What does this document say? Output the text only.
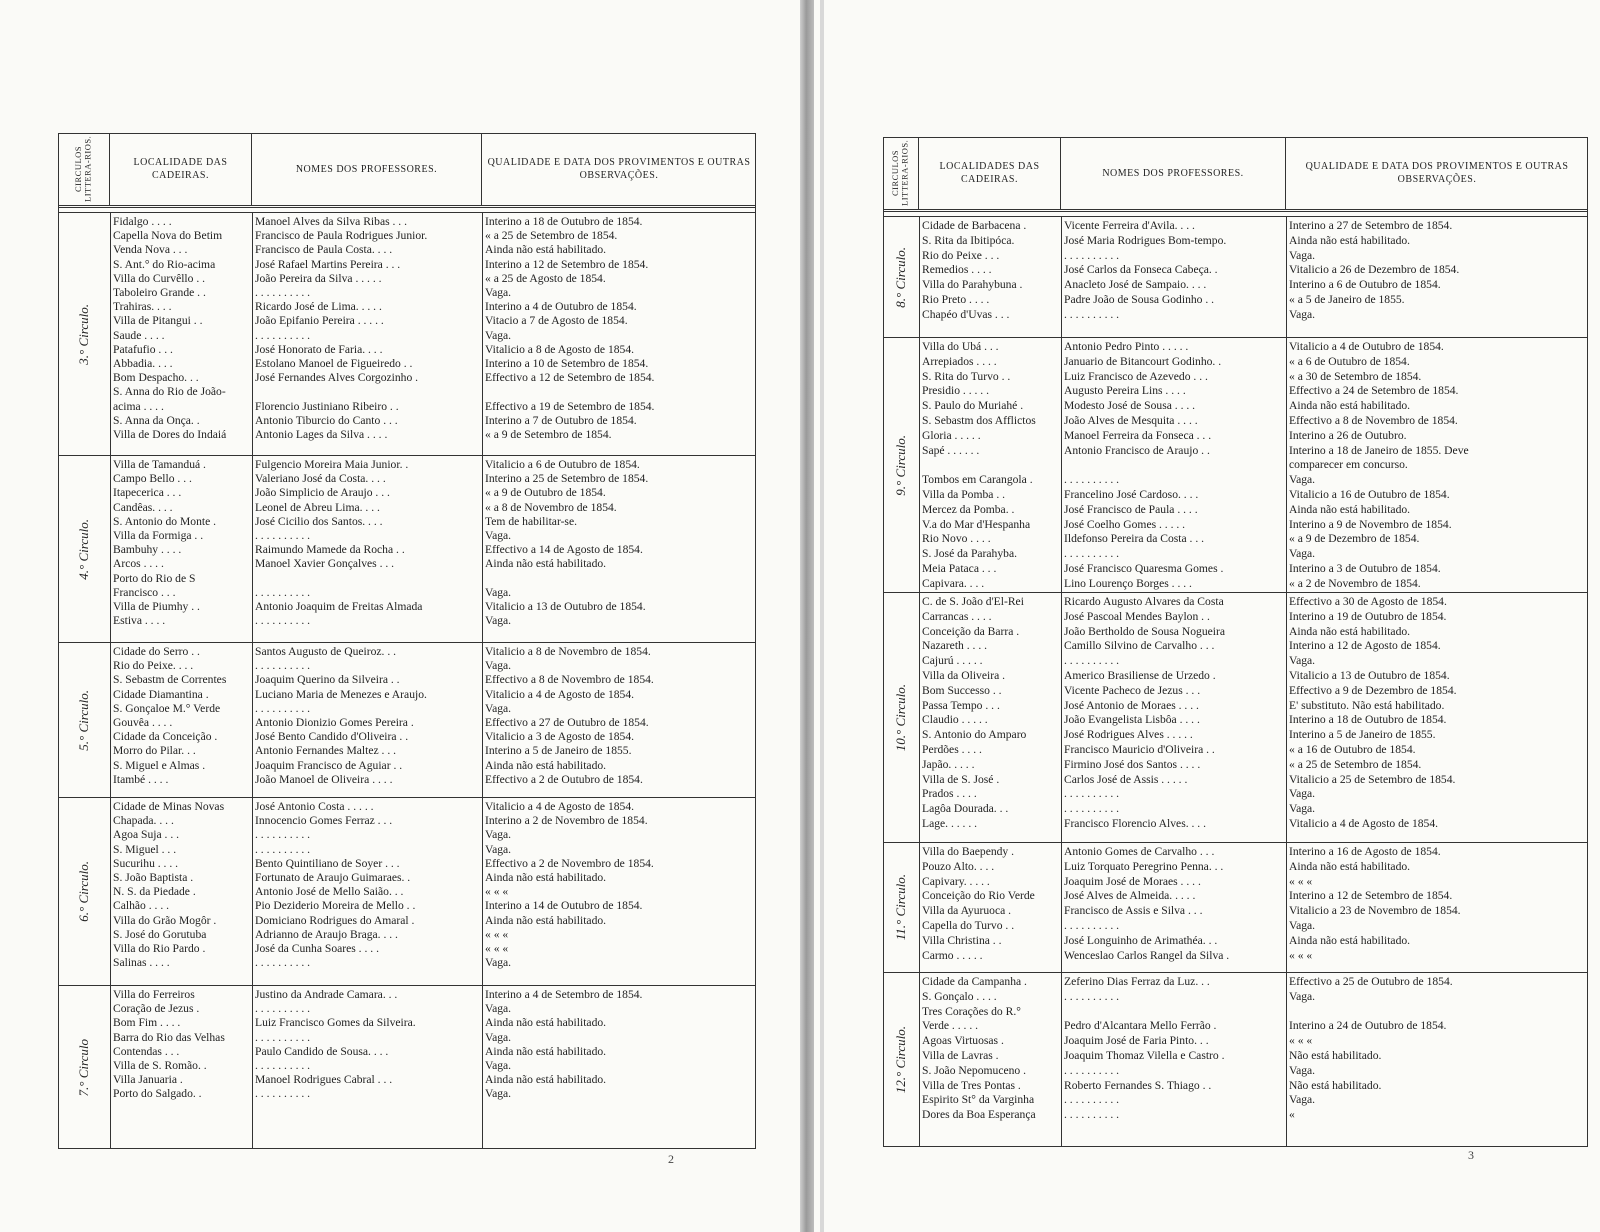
CIRCULOS LITTERA-RIOS.	LOCALIDADE DAS CADEIRAS.
NOMES DOS PROFESSORES.
QUALIDADE E DATA DOS PROVIMENTOS E OUTRAS OBSERVAÇÕES.
3.° Circulo.
Fidalgo . . . .	Manoel Alves da Silva Ribas . . .	Interino a 18 de Outubro de 1854.
Capella Nova do Betim	Francisco de Paula Rodrigues Junior.	« a 25 de Setembro de 1854.
Venda Nova . . .	Francisco de Paula Costa. . . .	Ainda não está habilitado.
S. Ant.° do Rio-acima	José Rafael Martins Pereira . . .	Interino a 12 de Setembro de 1854.
Villa do Curvêllo . .	João Pereira da Silva . . . . .	« a 25 de Agosto de 1854.
Taboleiro Grande . .	. . . . . . . . . .	Vaga.
Trahiras. . . .	Ricardo José de Lima. . . . .	Interino a 4 de Outubro de 1854.
Villa de Pitangui . .	João Epifanio Pereira . . . . .	Vitacio a 7 de Agosto de 1854.
Saude . . . .	. . . . . . . . . .	Vaga.
Patafufio . . .	José Honorato de Faria. . . .	Vitalicio a 8 de Agosto de 1854.
Abbadia. . . .	Estolano Manoel de Figueiredo . .	Interino a 10 de Setembro de 1854.
Bom Despacho. . .	José Fernandes Alves Corgozinho .	Effectivo a 12 de Setembro de 1854.
S. Anna do Rio de João-
acima . . . .	Florencio Justiniano Ribeiro . .	Effectivo a 19 de Setembro de 1854.
S. Anna da Onça. .	Antonio Tiburcio do Canto . . .	Interino a 7 de Outubro de 1854.
Villa de Dores do Indaiá	Antonio Lages da Silva . . . .	« a 9 de Setembro de 1854.
4.° Circulo.
Villa de Tamanduá .	Fulgencio Moreira Maia Junior. .	Vitalicio a 6 de Outubro de 1854.
Campo Bello . . .	Valeriano José da Costa. . . .	Interino a 25 de Setembro de 1854.
Itapecerica . . .	João Simplicio de Araujo . . .	« a 9 de Outubro de 1854.
Candêas. . . .	Leonel de Abreu Lima. . . .	« a 8 de Novembro de 1854.
S. Antonio do Monte .	José Cicilio dos Santos. . . .	Tem de habilitar-se.
Villa da Formiga . .	. . . . . . . . . .	Vaga.
Bambuhy . . . .	Raimundo Mamede da Rocha . .	Effectivo a 14 de Agosto de 1854.
Arcos . . . .	Manoel Xavier Gonçalves . . .	Ainda não está habilitado.
Porto do Rio de S
Francisco . . .	. . . . . . . . . .	Vaga.
Villa de Piumhy . .	Antonio Joaquim de Freitas Almada	Vitalicio a 13 de Outubro de 1854.
Estiva . . . .	. . . . . . . . . .	Vaga.
5.° Circulo.
Cidade do Serro . .	Santos Augusto de Queiroz. . .	Vitalicio a 8 de Novembro de 1854.
Rio do Peixe. . . .	. . . . . . . . . .	Vaga.
S. Sebastm de Correntes	Joaquim Querino da Silveira . .	Effectivo a 8 de Novembro de 1854.
Cidade Diamantina .	Luciano Maria de Menezes e Araujo.	Vitalicio a 4 de Agosto de 1854.
S. Gonçaloe M.° Verde	. . . . . . . . . .	Vaga.
Gouvêa . . . .	Antonio Dionizio Gomes Pereira .	Effectivo a 27 de Outubro de 1854.
Cidade da Conceição .	José Bento Candido d'Oliveira . .	Vitalicio a 3 de Agosto de 1854.
Morro do Pilar. . .	Antonio Fernandes Maltez . . .	Interino a 5 de Janeiro de 1855.
S. Miguel e Almas .	Joaquim Francisco de Aguiar . .	Ainda não está habilitado.
Itambé . . . .	João Manoel de Oliveira . . . .	Effectivo a 2 de Outubro de 1854.
6.° Circulo.
Cidade de Minas Novas	José Antonio Costa . . . . .	Vitalicio a 4 de Agosto de 1854.
Chapada. . . .	Innocencio Gomes Ferraz . . .	Interino a 2 de Novembro de 1854.
Agoa Suja . . .	. . . . . . . . . .	Vaga.
S. Miguel . . .	. . . . . . . . . .	Vaga.
Sucurihu . . . .	Bento Quintiliano de Soyer . . .	Effectivo a 2 de Novembro de 1854.
S. João Baptista .	Fortunato de Araujo Guimaraes. .	Ainda não está habilitado.
N. S. da Piedade .	Antonio José de Mello Saião. . .	« « «
Calhão . . . .	Pio Deziderio Moreira de Mello . .	Interino a 14 de Outubro de 1854.
Villa do Grão Mogôr .	Domiciano Rodrigues do Amaral .	Ainda não está habilitado.
S. José do Gorutuba	Adrianno de Araujo Braga. . . .	« « «
Villa do Rio Pardo .	José da Cunha Soares . . . .	« « «
Salinas . . . .	. . . . . . . . . .	Vaga.
7.° Circulo
Villa do Ferreiros	Justino da Andrade Camara. . .	Interino a 4 de Setembro de 1854.
Coração de Jezus .	. . . . . . . . . .	Vaga.
Bom Fim . . . .	Luiz Francisco Gomes da Silveira.	Ainda não está habilitado.
Barra do Rio das Velhas	. . . . . . . . . .	Vaga.
Contendas . . .	Paulo Candido de Sousa. . . .	Ainda não está habilitado.
Villa de S. Romão. .	. . . . . . . . . .	Vaga.
Villa Januaria .	Manoel Rodrigues Cabral . . .	Ainda não está habilitado.
Porto do Salgado. .	. . . . . . . . . .	Vaga.
2
CIRCULOS LITTERA-RIOS.	LOCALIDADES DAS CADEIRAS.
NOMES DOS PROFESSORES.
QUALIDADE E DATA DOS PROVIMENTOS E OUTRAS OBSERVAÇÕES.
8.° Circulo.
Cidade de Barbacena .	Vicente Ferreira d'Avila. . . .	Interino a 27 de Setembro de 1854.
S. Rita da Ibitipóca.	José Maria Rodrigues Bom-tempo.	Ainda não está habilitado.
Rio do Peixe . . .	. . . . . . . . . .	Vaga.
Remedios . . . .	José Carlos da Fonseca Cabeça. .	Vitalicio a 26 de Dezembro de 1854.
Villa do Parahybuna .	Anacleto José de Sampaio. . . .	Interino a 6 de Outubro de 1854.
Rio Preto . . . .	Padre João de Sousa Godinho . .	« a 5 de Janeiro de 1855.
Chapéo d'Uvas . . .	. . . . . . . . . .	Vaga.
9.° Circulo.
Villa do Ubá . . .	Antonio Pedro Pinto . . . . .	Vitalicio a 4 de Outubro de 1854.
Arrepiados . . . .	Januario de Bitancourt Godinho. .	« a 6 de Outubro de 1854.
S. Rita do Turvo . .	Luiz Francisco de Azevedo . . .	« a 30 de Setembro de 1854.
Presidio . . . . .	Augusto Pereira Lins . . . .	Effectivo a 24 de Setembro de 1854.
S. Paulo do Muriahé .	Modesto José de Sousa . . . .	Ainda não está habilitado.
S. Sebastm dos Afflictos	João Alves de Mesquita . . . .	Effectivo a 8 de Novembro de 1854.
Gloria . . . . .	Manoel Ferreira da Fonseca . . .	Interino a 26 de Outubro.
Sapé . . . . . .	Antonio Francisco de Araujo . .	Interino a 18 de Janeiro de 1855. Deve
comparecer em concurso.
Tombos em Carangola .	. . . . . . . . . .	Vaga.
Villa da Pomba . .	Francelino José Cardoso. . . .	Vitalicio a 16 de Outubro de 1854.
Mercez da Pomba. .	José Francisco de Paula . . . .	Ainda não está habilitado.
V.a do Mar d'Hespanha	José Coelho Gomes . . . . .	Interino a 9 de Novembro de 1854.
Rio Novo . . . .	Ildefonso Pereira da Costa . . .	« a 9 de Dezembro de 1854.
S. José da Parahyba.	. . . . . . . . . .	Vaga.
Meia Pataca . . .	José Francisco Quaresma Gomes .	Interino a 3 de Outubro de 1854.
Capivara. . . .	Lino Lourenço Borges . . . .	« a 2 de Novembro de 1854.
10.° Circulo.
C. de S. João d'El-Rei	Ricardo Augusto Alvares da Costa	Effectivo a 30 de Agosto de 1854.
Carrancas . . . .	José Pascoal Mendes Baylon . .	Interino a 19 de Outubro de 1854.
Conceição da Barra .	João Bertholdo de Sousa Nogueira	Ainda não está habilitado.
Nazareth . . . .	Camillo Silvino de Carvalho . . .	Interino a 12 de Agosto de 1854.
Cajurú . . . . .	. . . . . . . . . .	Vaga.
Villa da Oliveira .	Americo Brasiliense de Urzedo .	Vitalicio a 13 de Outubro de 1854.
Bom Successo . .	Vicente Pacheco de Jezus . . .	Effectivo a 9 de Dezembro de 1854.
Passa Tempo . . .	José Antonio de Moraes . . . .	E' substituto. Não está habilitado.
Claudio . . . . .	João Evangelista Lisbôa . . . .	Interino a 18 de Outubro de 1854.
S. Antonio do Amparo	José Rodrigues Alves . . . . .	Interino a 5 de Janeiro de 1855.
Perdões . . . .	Francisco Mauricio d'Oliveira . .	« a 16 de Outubro de 1854.
Japão. . . . .	Firmino José dos Santos . . . .	« a 25 de Setembro de 1854.
Villa de S. José .	Carlos José de Assis . . . . .	Vitalicio a 25 de Setembro de 1854.
Prados . . . .	. . . . . . . . . .	Vaga.
Lagôa Dourada. . .	. . . . . . . . . .	Vaga.
Lage. . . . . .	Francisco Florencio Alves. . . .	Vitalicio a 4 de Agosto de 1854.
11.° Circulo.
Villa do Baependy .	Antonio Gomes de Carvalho . . .	Interino a 16 de Agosto de 1854.
Pouzo Alto. . . .	Luiz Torquato Peregrino Penna. . .	Ainda não está habilitado.
Capivary. . . . .	Joaquim José de Moraes . . . .	« « «
Conceição do Rio Verde	José Alves de Almeida. . . . .	Interino a 12 de Setembro de 1854.
Villa da Ayuruoca .	Francisco de Assis e Silva . . .	Vitalicio a 23 de Novembro de 1854.
Capella do Turvo . .	. . . . . . . . . .	Vaga.
Villa Christina . .	José Longuinho de Arimathéa. . .	Ainda não está habilitado.
Carmo . . . . .	Wenceslao Carlos Rangel da Silva .	« « «
12.° Circulo.
Cidade da Campanha .	Zeferino Dias Ferraz da Luz. . .	Effectivo a 25 de Outubro de 1854.
S. Gonçalo . . . .	. . . . . . . . . .	Vaga.
Tres Corações do R.°
Verde . . . . .	Pedro d'Alcantara Mello Ferrão .	Interino a 24 de Outubro de 1854.
Agoas Virtuosas .	Joaquim José de Faria Pinto. . .	« « «
Villa de Lavras .	Joaquim Thomaz Vilella e Castro .	Não está habilitado.
S. João Nepomuceno .	. . . . . . . . . .	Vaga.
Villa de Tres Pontas .	Roberto Fernandes S. Thiago . .	Não está habilitado.
Espirito St° da Varginha	. . . . . . . . . .	Vaga.
Dores da Boa Esperança	. . . . . . . . . .	«
3
